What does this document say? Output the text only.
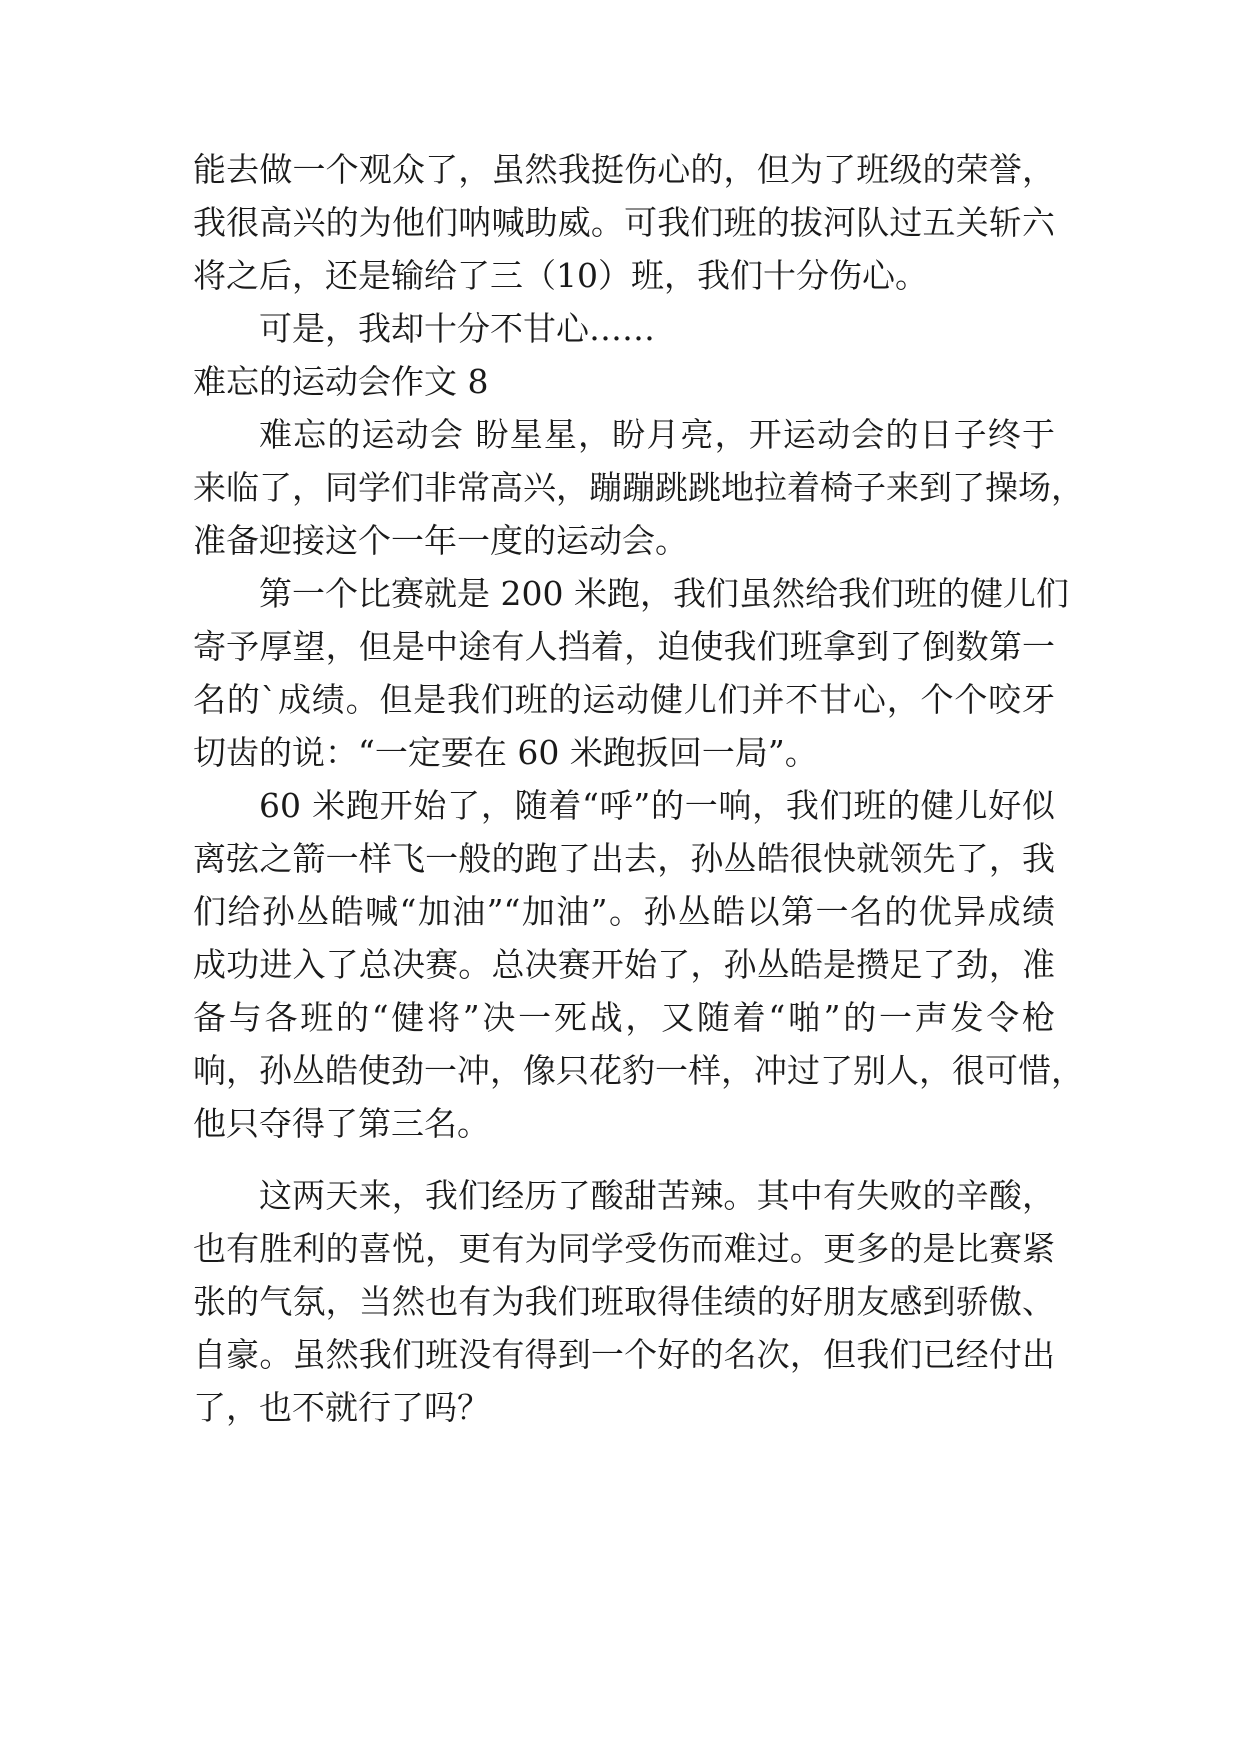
能去做一个观众了，虽然我挺伤心的，但为了班级的荣誉，
我很高兴的为他们呐喊助威。可我们班的拔河队过五关斩六
将之后，还是输给了三（10）班，我们十分伤心。
可是，我却十分不甘心……
难忘的运动会作文 8
难忘的运动会 盼星星，盼月亮，开运动会的日子终于
来临了，同学们非常高兴，蹦蹦跳跳地拉着椅子来到了操场，
准备迎接这个一年一度的运动会。
第一个比赛就是 200 米跑，我们虽然给我们班的健儿们
寄予厚望，但是中途有人挡着，迫使我们班拿到了倒数第一
名的`成绩。但是我们班的运动健儿们并不甘心，个个咬牙
切齿的说：“一定要在 60 米跑扳回一局”。
60 米跑开始了，随着“呼”的一响，我们班的健儿好似
离弦之箭一样飞一般的跑了出去，孙丛皓很快就领先了，我
们给孙丛皓喊“加油”“加油”。孙丛皓以第一名的优异成绩
成功进入了总决赛。总决赛开始了，孙丛皓是攒足了劲，准
备与各班的“健将”决一死战，又随着“啪”的一声发令枪
响，孙丛皓使劲一冲，像只花豹一样，冲过了别人，很可惜，
他只夺得了第三名。
这两天来，我们经历了酸甜苦辣。其中有失败的辛酸，
也有胜利的喜悦，更有为同学受伤而难过。更多的是比赛紧
张的气氛，当然也有为我们班取得佳绩的好朋友感到骄傲、
自豪。虽然我们班没有得到一个好的名次，但我们已经付出
了，也不就行了吗？
